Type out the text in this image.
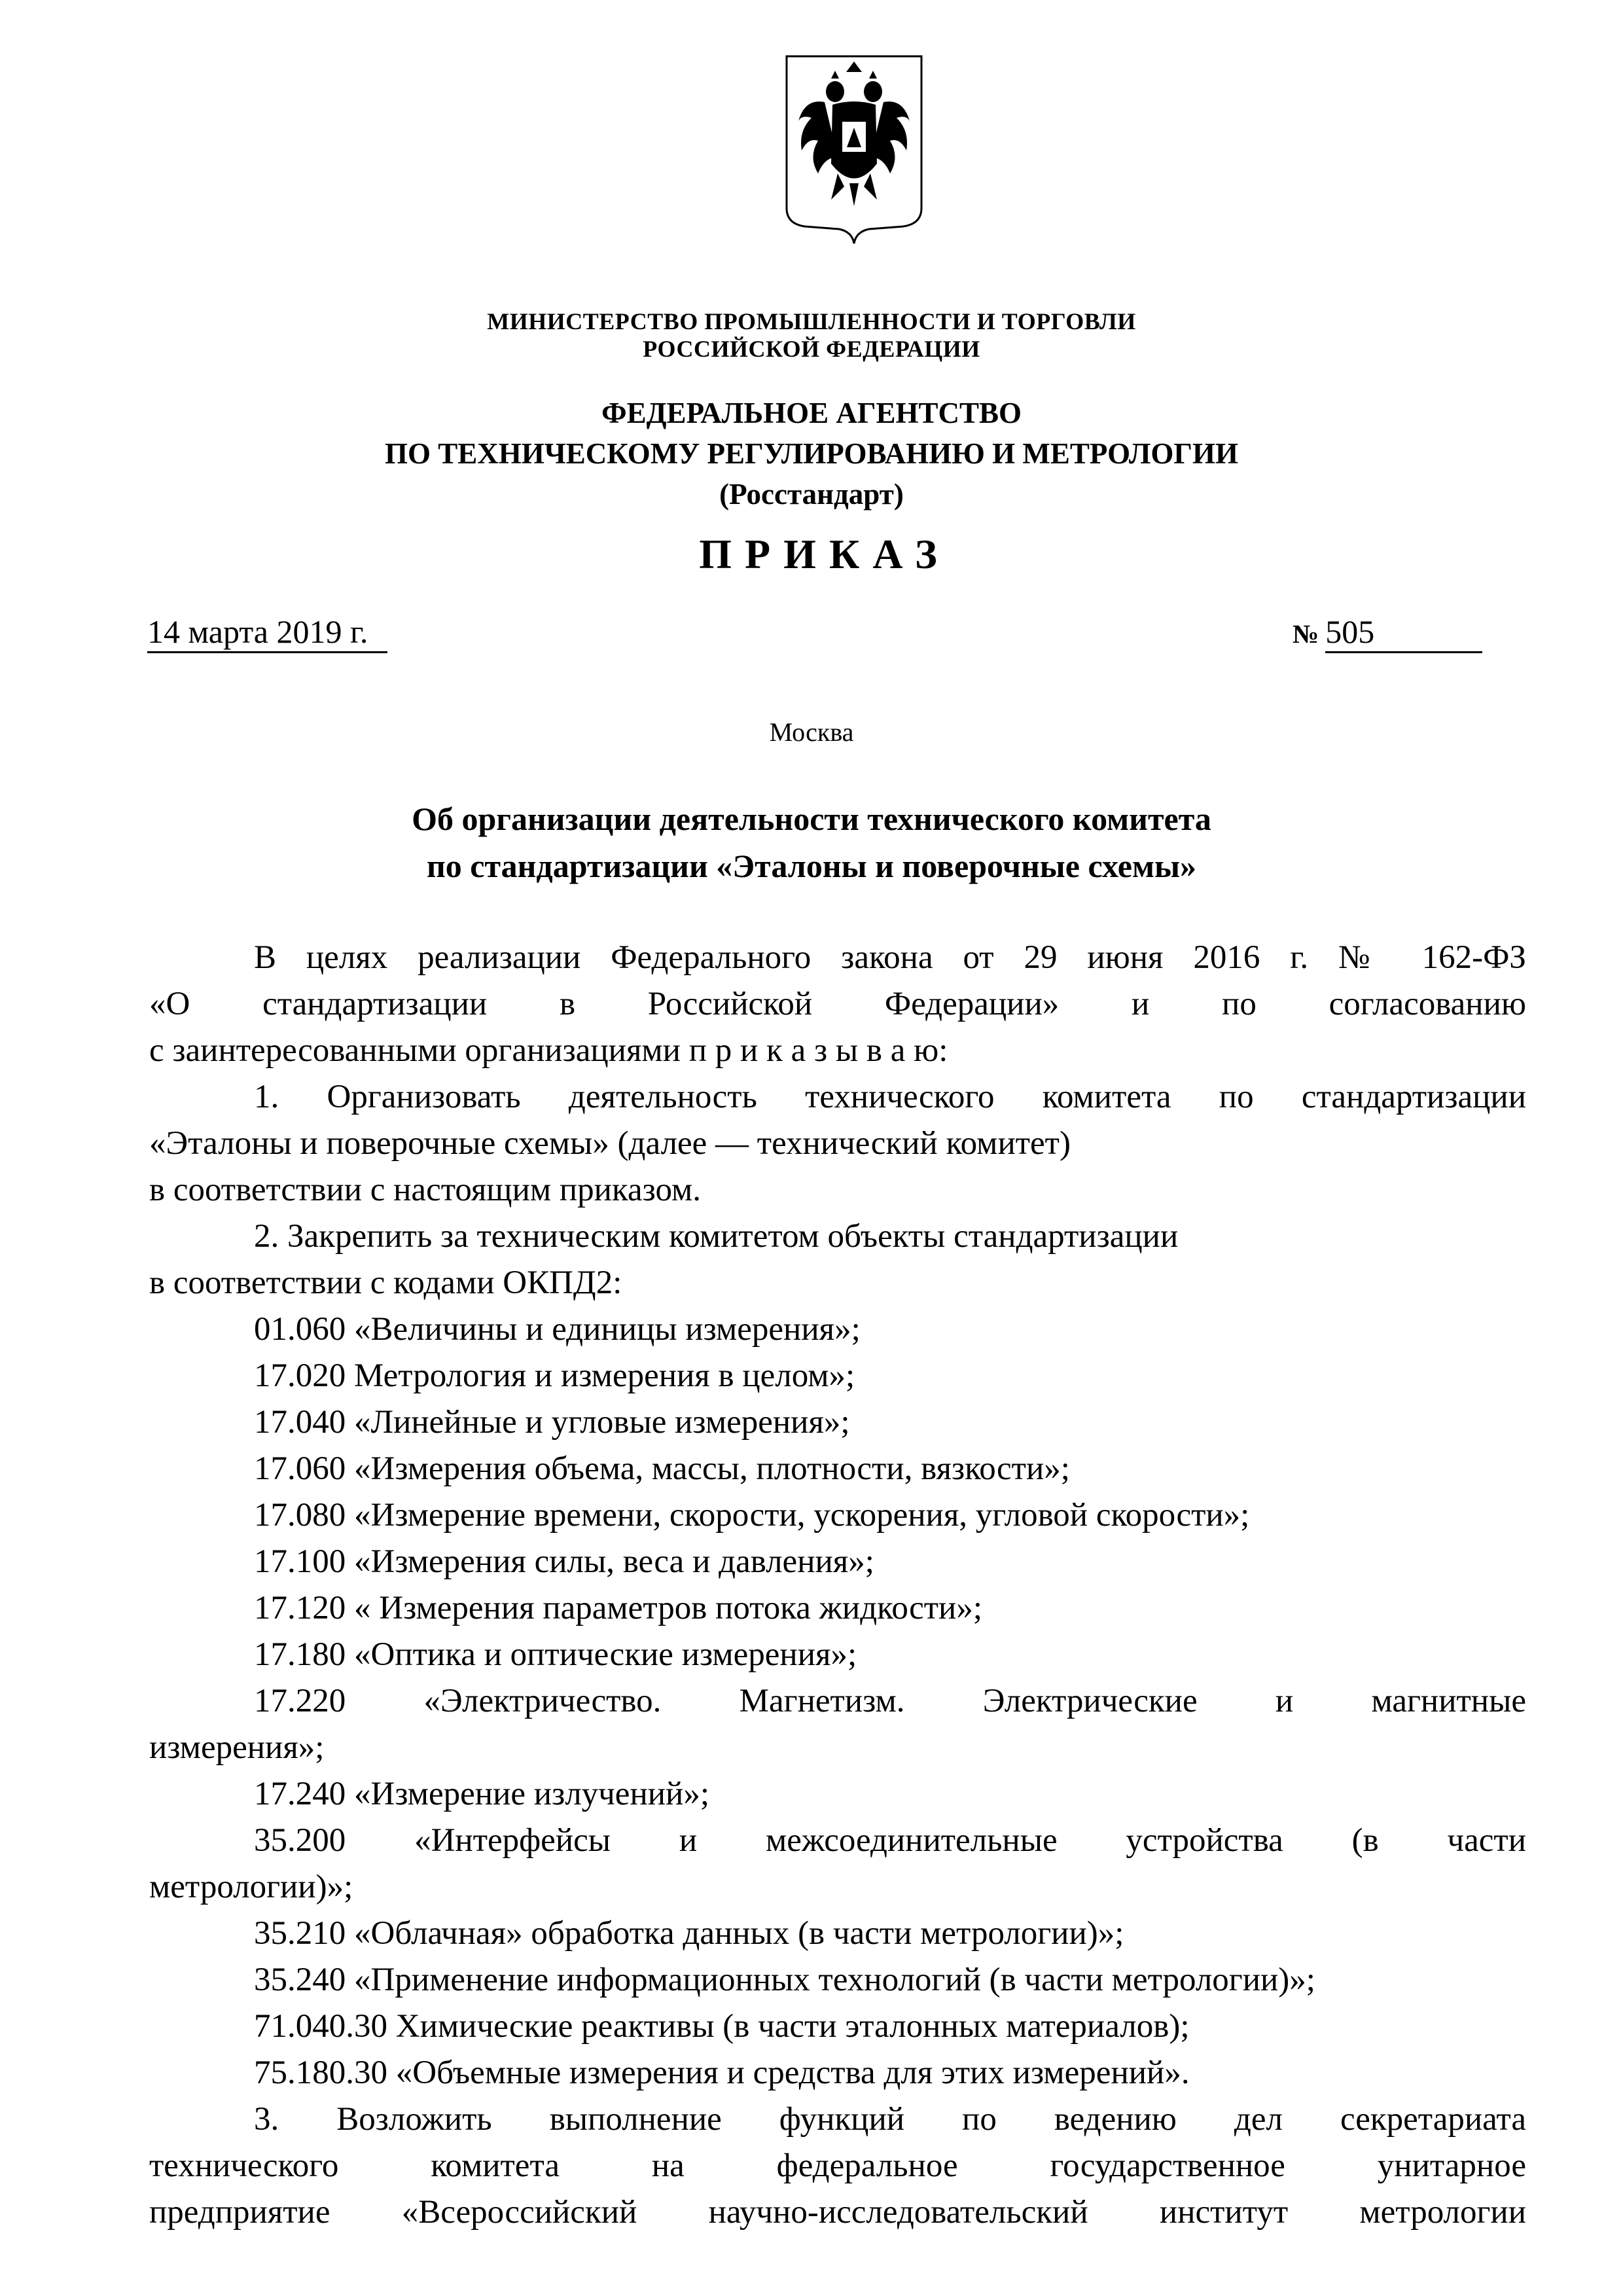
МИНИСТЕРСТВО ПРОМЫШЛЕННОСТИ И ТОРГОВЛИ
РОССИЙСКОЙ ФЕДЕРАЦИИ
ФЕДЕРАЛЬНОЕ АГЕНТСТВО
ПО ТЕХНИЧЕСКОМУ РЕГУЛИРОВАНИЮ И МЕТРОЛОГИИ
(Росстандарт)
ПРИКАЗ
14 марта 2019 г.	№ 505
Москва
Об организации деятельности технического комитета
по стандартизации «Эталоны и поверочные схемы»

В целях реализации Федерального закона от 29 июня 2016 г. № 162-ФЗ

«О стандартизации в Российской Федерации» и по согласованию

с заинтересованными организациями п р и к а з ы в а ю:

1. Организовать деятельность технического комитета по стандартизации

«Эталоны и поверочные схемы» (далее — технический комитет)

в соответствии с настоящим приказом.

2. Закрепить за техническим комитетом объекты стандартизации

в соответствии с кодами ОКПД2:

01.060 «Величины и единицы измерения»;

17.020 Метрология и измерения в целом»;

17.040 «Линейные и угловые измерения»;

17.060 «Измерения объема, массы, плотности, вязкости»;

17.080 «Измерение времени, скорости, ускорения, угловой скорости»;

17.100 «Измерения силы, веса и давления»;

17.120 « Измерения параметров потока жидкости»;

17.180 «Оптика и оптические измерения»;

17.220 «Электричество. Магнетизм. Электрические и магнитные

измерения»;

17.240 «Измерение излучений»;

35.200 «Интерфейсы и межсоединительные устройства (в части

метрологии)»;

35.210 «Облачная» обработка данных (в части метрологии)»;

35.240 «Применение информационных технологий (в части метрологии)»;

71.040.30 Химические реактивы (в части эталонных материалов);

75.180.30 «Объемные измерения и средства для этих измерений».

3. Возложить выполнение функций по ведению дел секретариата

технического комитета на федеральное государственное унитарное

предприятие «Всероссийский научно-исследовательский институт метрологии
